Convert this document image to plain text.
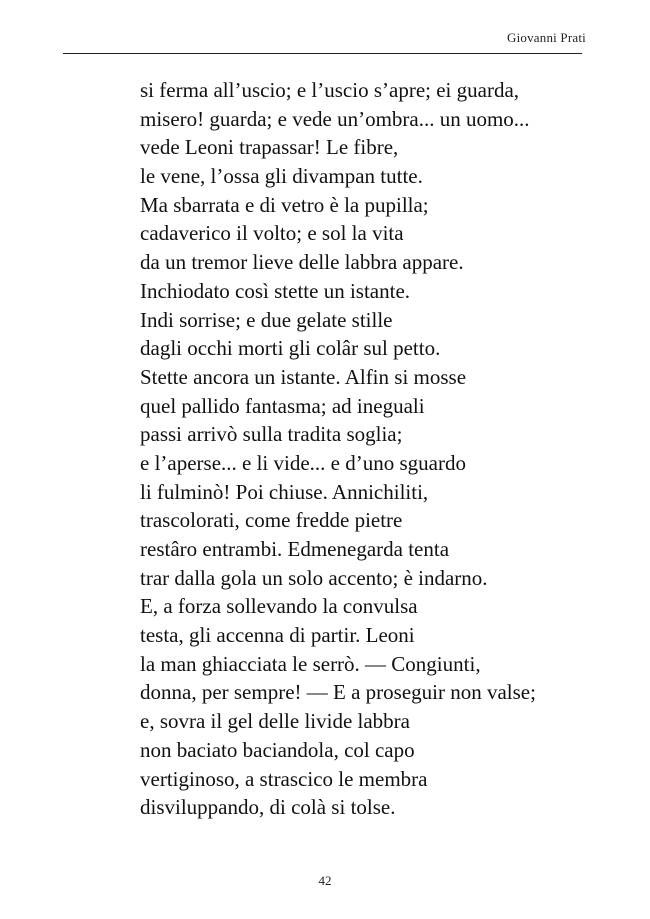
Giovanni Prati
si ferma all’uscio; e l’uscio s’apre; ei guarda,
misero! guarda; e vede un’ombra... un uomo...
vede Leoni trapassar! Le fibre,
le vene, l’ossa gli divampan tutte.
Ma sbarrata e di vetro è la pupilla;
cadaverico il volto; e sol la vita
da un tremor lieve delle labbra appare.
Inchiodato così stette un istante.
Indi sorrise; e due gelate stille
dagli occhi morti gli colâr sul petto.
Stette ancora un istante. Alfin si mosse
quel pallido fantasma; ad ineguali
passi arrivò sulla tradita soglia;
e l’aperse... e li vide... e d’uno sguardo
li fulminò! Poi chiuse. Annichiliti,
trascolorati, come fredde pietre
restâro entrambi. Edmenegarda tenta
trar dalla gola un solo accento; è indarno.
E, a forza sollevando la convulsa
testa, gli accenna di partir. Leoni
la man ghiacciata le serrò. — Congiunti,
donna, per sempre! — E a proseguir non valse;
e, sovra il gel delle livide labbra
non baciato baciandola, col capo
vertiginoso, a strascico le membra
disviluppando, di colà si tolse.
42
